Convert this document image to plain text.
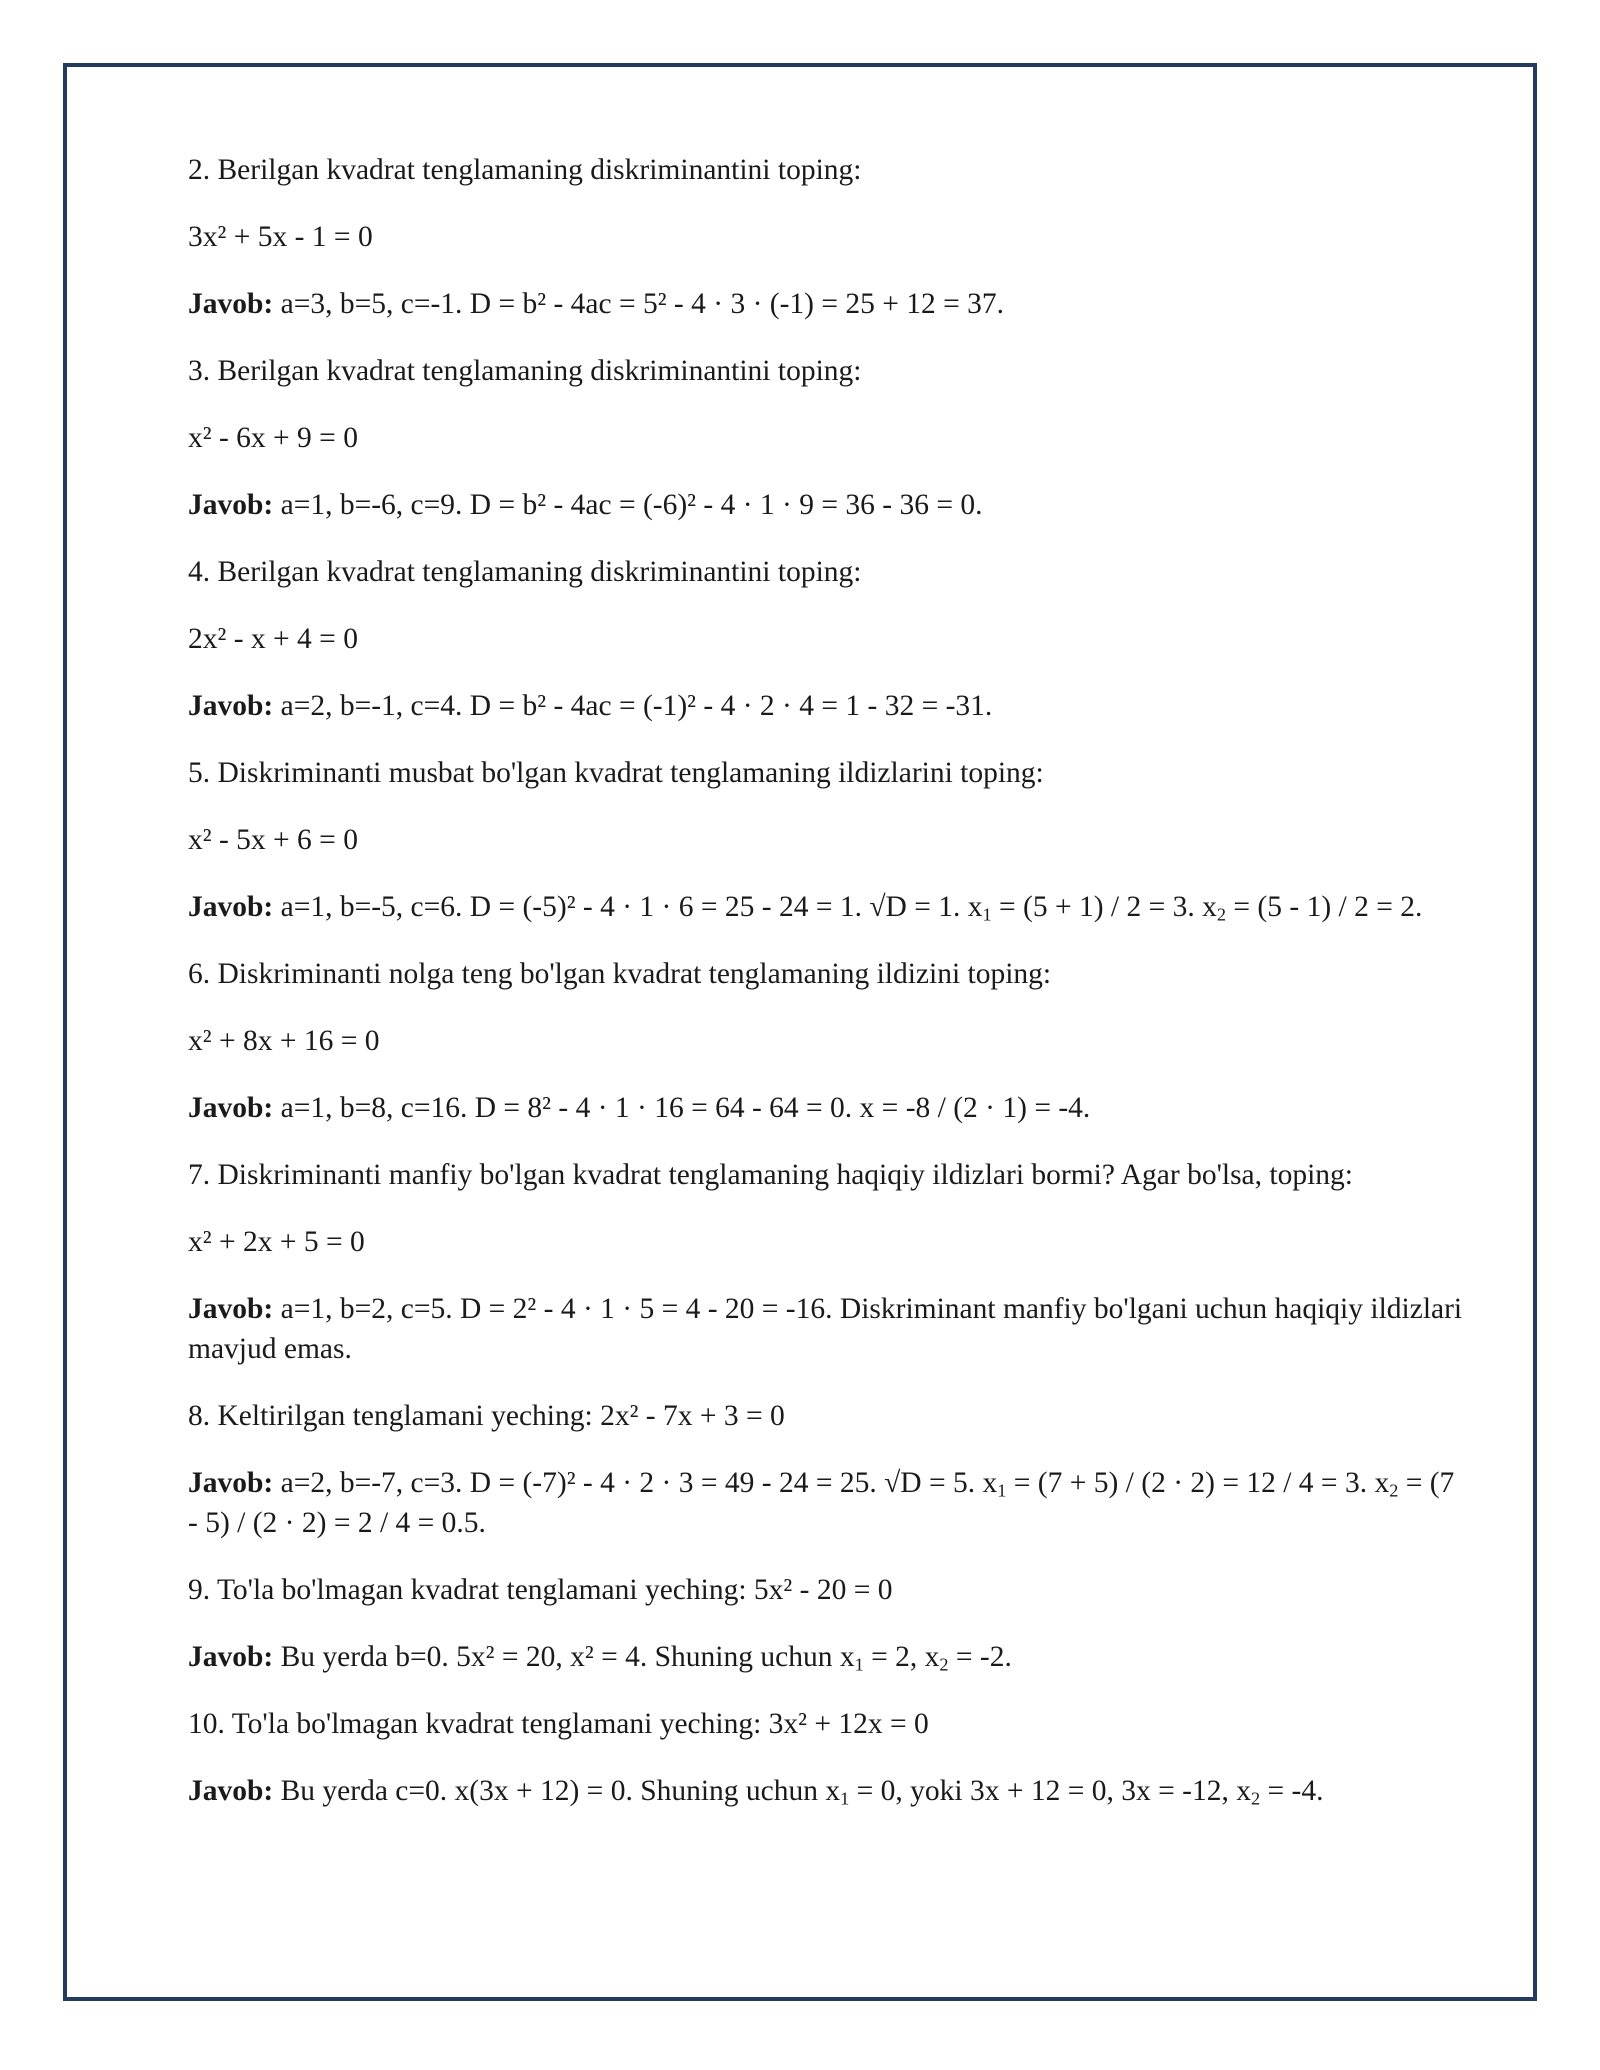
2. Berilgan kvadrat tenglamaning diskriminantini toping:

3x² + 5x - 1 = 0

Javob: a=3, b=5, c=-1. D = b² - 4ac = 5² - 4 · 3 · (-1) = 25 + 12 = 37.

3. Berilgan kvadrat tenglamaning diskriminantini toping:

x² - 6x + 9 = 0

Javob: a=1, b=-6, c=9. D = b² - 4ac = (-6)² - 4 · 1 · 9 = 36 - 36 = 0.

4. Berilgan kvadrat tenglamaning diskriminantini toping:

2x² - x + 4 = 0

Javob: a=2, b=-1, c=4. D = b² - 4ac = (-1)² - 4 · 2 · 4 = 1 - 32 = -31.

5. Diskriminanti musbat bo'lgan kvadrat tenglamaning ildizlarini toping:

x² - 5x + 6 = 0

Javob: a=1, b=-5, c=6. D = (-5)² - 4 · 1 · 6 = 25 - 24 = 1. √D = 1. $x_1 = (5 + 1) / 2 = 3$. $x_2 = (5 - 1) / 2 = 2$.

6. Diskriminanti nolga teng bo'lgan kvadrat tenglamaning ildizini toping:

x² + 8x + 16 = 0

Javob: a=1, b=8, c=16. D = 8² - 4 · 1 · 16 = 64 - 64 = 0. x = -8 / (2 · 1) = -4.

7. Diskriminanti manfiy bo'lgan kvadrat tenglamaning haqiqiy ildizlari bormi? Agar bo'lsa, toping:

x² + 2x + 5 = 0

Javob: a=1, b=2, c=5. D = 2² - 4 · 1 · 5 = 4 - 20 = -16. Diskriminant manfiy bo'lgani uchun haqiqiy ildizlari mavjud emas.

8. Keltirilgan tenglamani yeching: 2x² - 7x + 3 = 0

Javob: a=2, b=-7, c=3. D = (-7)² - 4 · 2 · 3 = 49 - 24 = 25. √D = 5. $x_1 = (7 + 5) / (2 \cdot 2) = 12 / 4 = 3$. $x_2 = (7 - 5) / (2 \cdot 2) = 2 / 4 = 0.5$.

9. To'la bo'lmagan kvadrat tenglamani yeching: 5x² - 20 = 0

Javob: Bu yerda b=0. 5x² = 20, x² = 4. Shuning uchun $x_1 = 2$, $x_2 = -2$.

10. To'la bo'lmagan kvadrat tenglamani yeching: 3x² + 12x = 0

Javob: Bu yerda c=0. x(3x + 12) = 0. Shuning uchun $x_1 = 0$, yoki 3x + 12 = 0, 3x = -12, $x_2 = -4$.
